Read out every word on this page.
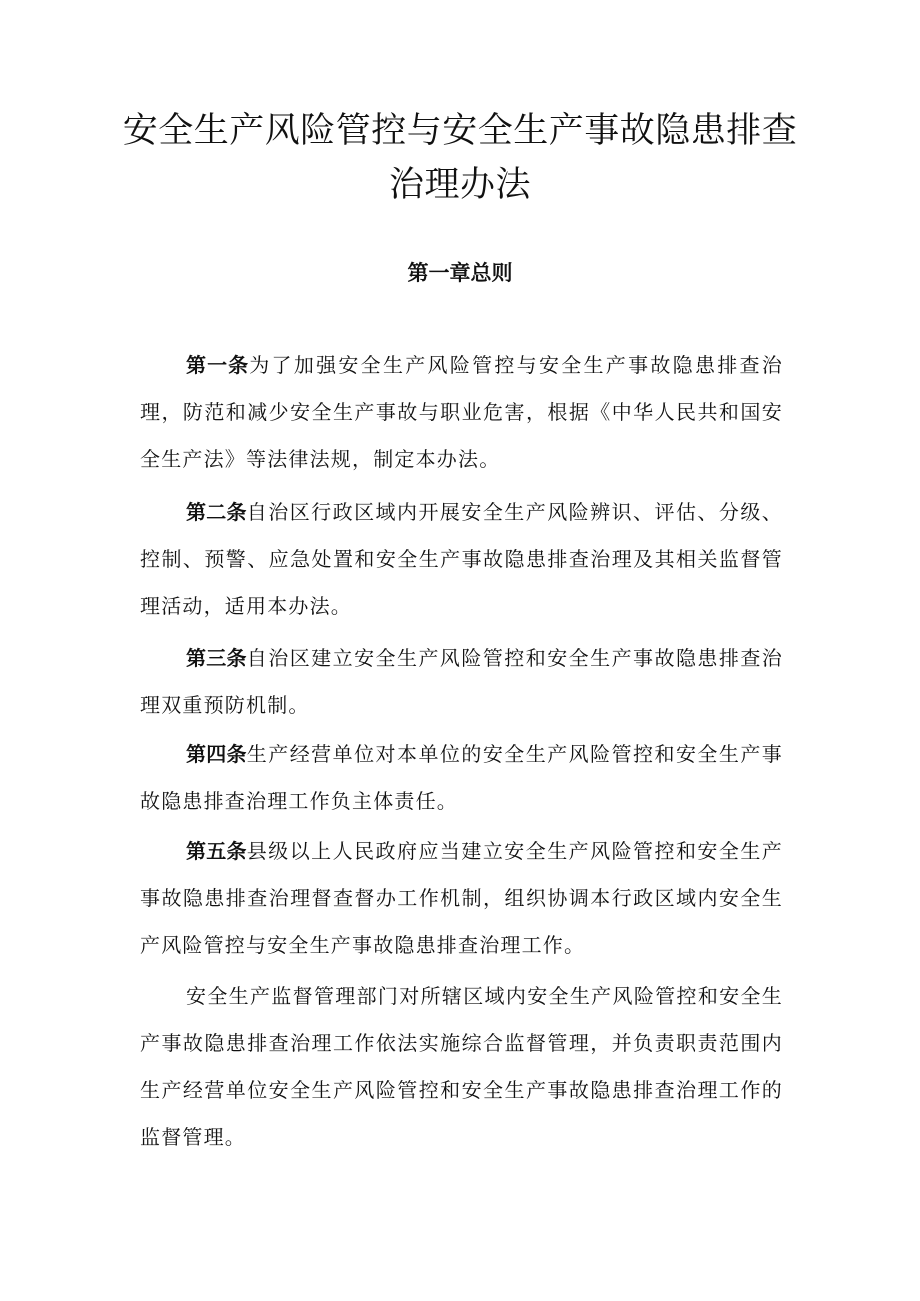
安全生产风险管控与安全生产事故隐患排查治理办法
第一章总则

第一条为了加强安全生产风险管控与安全生产事故隐患排查治理，防范和减少安全生产事故与职业危害，根据《中华人民共和国安全生产法》等法律法规，制定本办法。

第二条自治区行政区域内开展安全生产风险辨识、评估、分级、控制、预警、应急处置和安全生产事故隐患排查治理及其相关监督管理活动，适用本办法。

第三条自治区建立安全生产风险管控和安全生产事故隐患排查治理双重预防机制。

第四条生产经营单位对本单位的安全生产风险管控和安全生产事故隐患排查治理工作负主体责任。

第五条县级以上人民政府应当建立安全生产风险管控和安全生产事故隐患排查治理督查督办工作机制，组织协调本行政区域内安全生产风险管控与安全生产事故隐患排查治理工作。

安全生产监督管理部门对所辖区域内安全生产风险管控和安全生产事故隐患排查治理工作依法实施综合监督管理，并负责职责范围内生产经营单位安全生产风险管控和安全生产事故隐患排查治理工作的监督管理。
